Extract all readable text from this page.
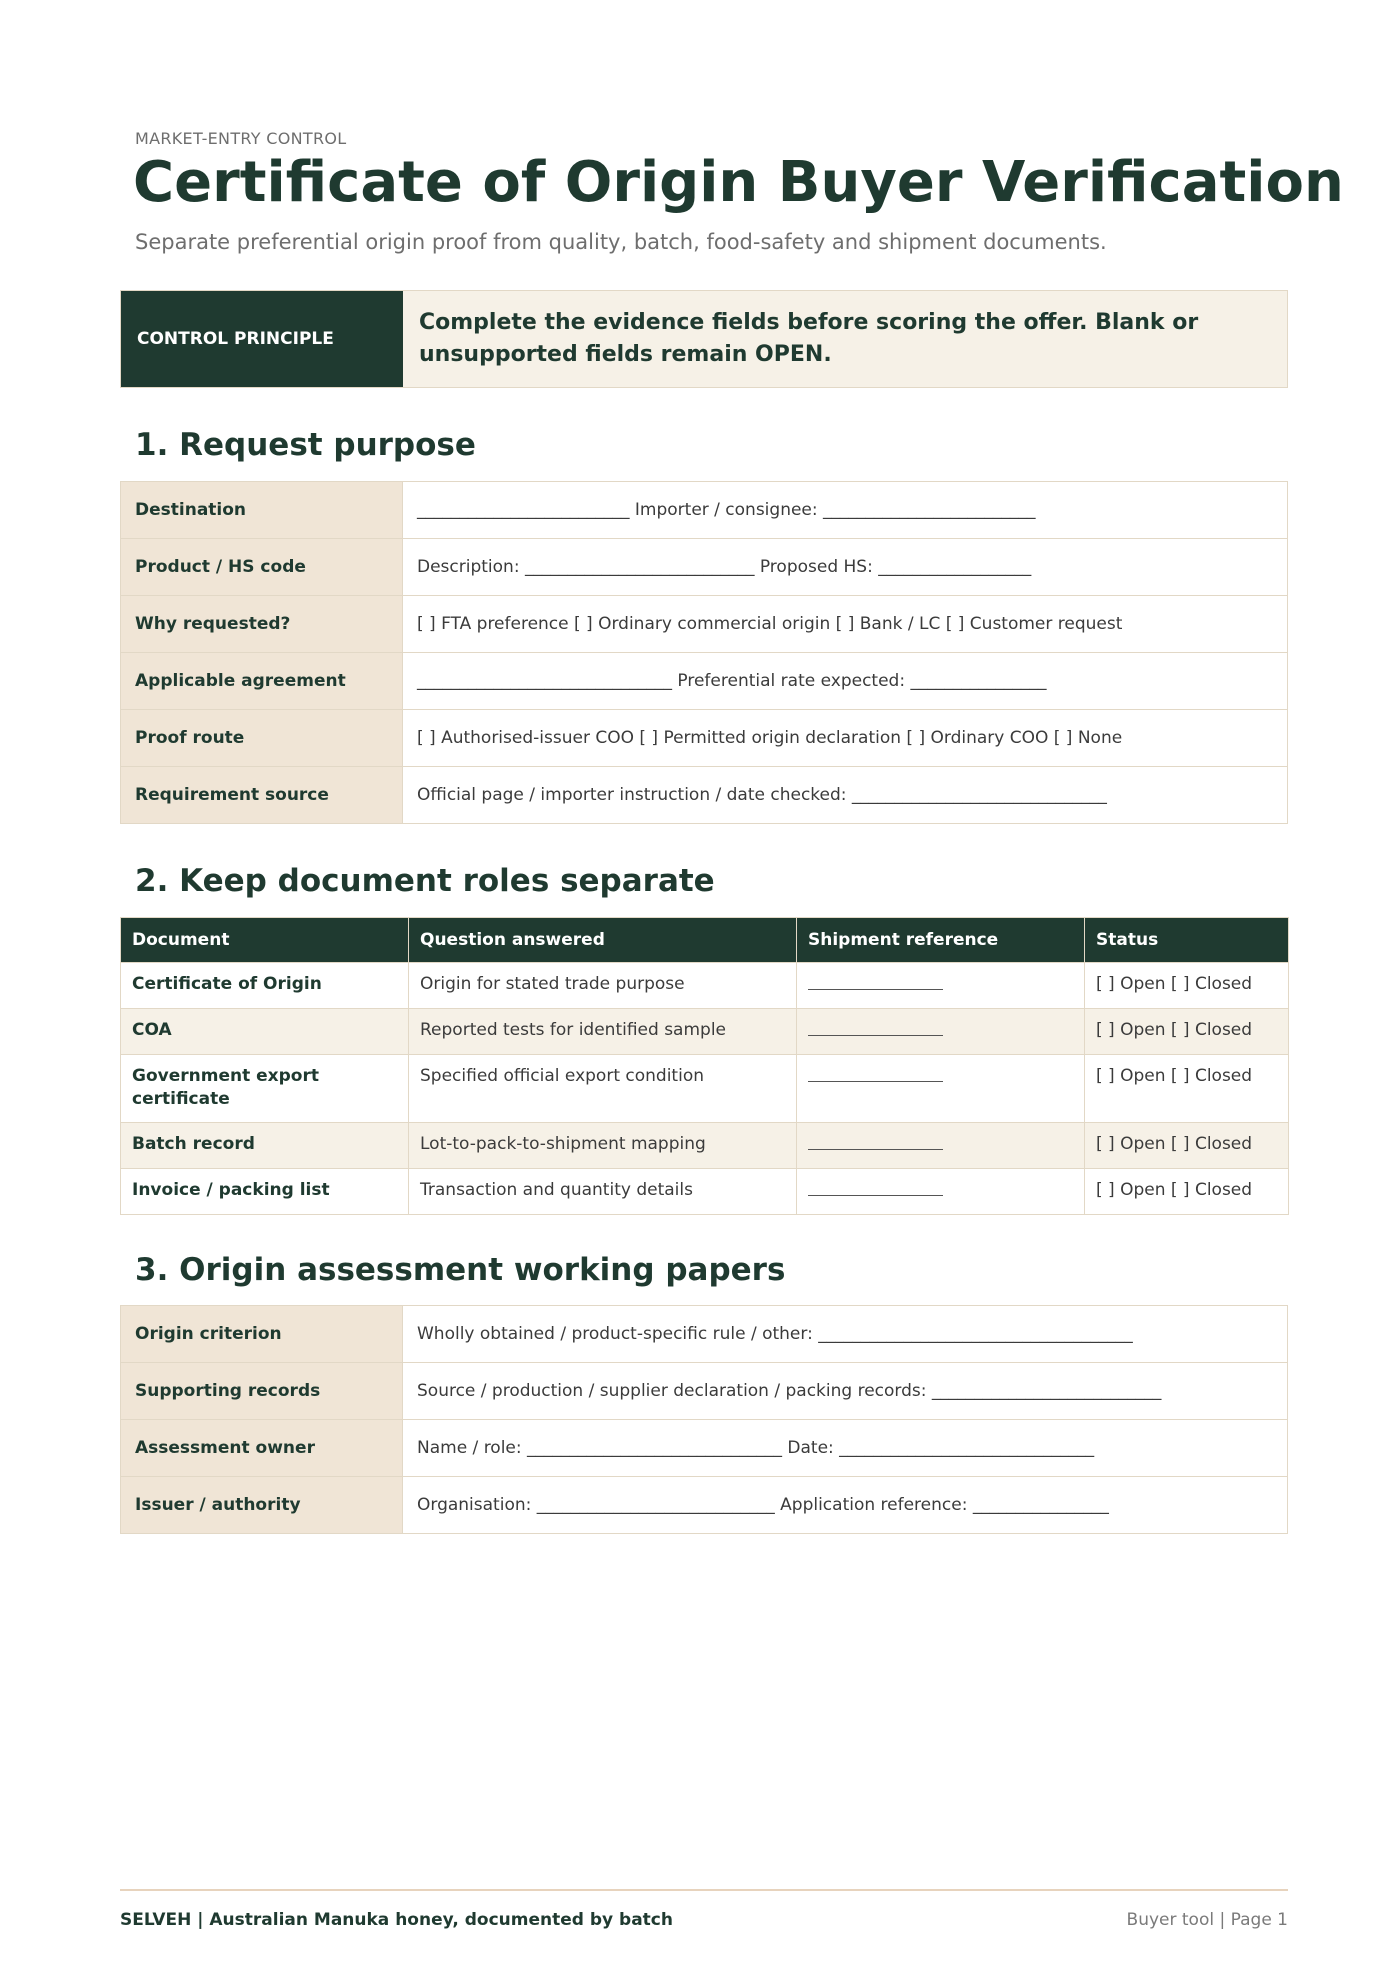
MARKET-ENTRY CONTROL
Certificate of Origin Buyer Verification
Separate preferential origin proof from quality, batch, food-safety and shipment documents.
CONTROL PRINCIPLE
Complete the evidence fields before scoring the offer. Blank or unsupported fields remain OPEN.
1. Request purpose
Destination	_________________________ Importer / consignee: _________________________
Product / HS code	Description: ___________________________ Proposed HS: __________________
Why requested?	[ ] FTA preference [ ] Ordinary commercial origin [ ] Bank / LC [ ] Customer request
Applicable agreement	______________________________ Preferential rate expected: ________________
Proof route	[ ] Authorised-issuer COO [ ] Permitted origin declaration [ ] Ordinary COO [ ] None
Requirement source	Official page / importer instruction / date checked: ______________________________
2. Keep document roles separate
Document	Question answered	Shipment reference	Status
Certificate of Origin	Origin for stated trade purpose		[ ] Open [ ] Closed
COA	Reported tests for identified sample		[ ] Open [ ] Closed
Government export certificate	Specified official export condition		[ ] Open [ ] Closed
Batch record	Lot-to-pack-to-shipment mapping		[ ] Open [ ] Closed
Invoice / packing list	Transaction and quantity details		[ ] Open [ ] Closed
3. Origin assessment working papers
Origin criterion	Wholly obtained / product-specific rule / other: _____________________________________
Supporting records	Source / production / supplier declaration / packing records: ___________________________
Assessment owner	Name / role: ______________________________ Date: ______________________________
Issuer / authority	Organisation: ____________________________ Application reference: ________________
SELVEH | Australian Manuka honey, documented by batch	Buyer tool | Page 1
